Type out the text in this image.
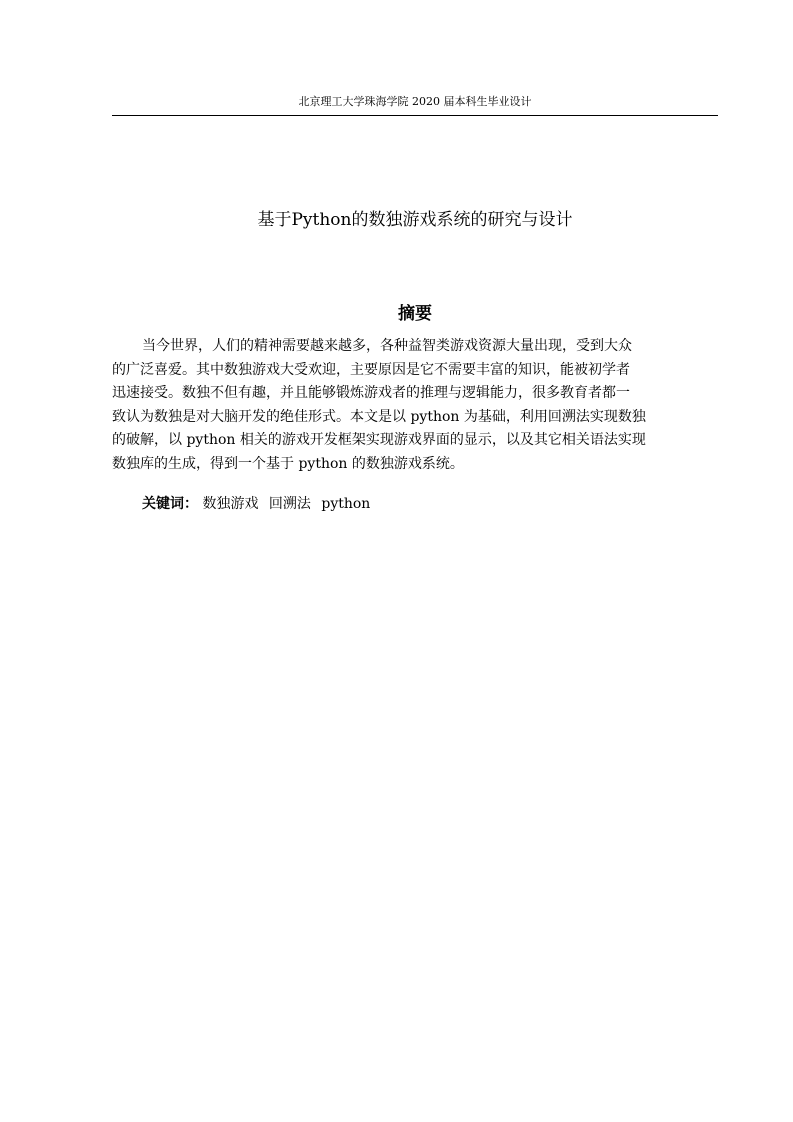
北京理工大学珠海学院 2020 届本科生毕业设计
基于Python的数独游戏系统的研究与设计
摘要
当今世界，人们的精神需要越来越多，各种益智类游戏资源大量出现，受到大众
的广泛喜爱。其中数独游戏大受欢迎，主要原因是它不需要丰富的知识，能被初学者
迅速接受。数独不但有趣，并且能够锻炼游戏者的推理与逻辑能力，很多教育者都一
致认为数独是对大脑开发的绝佳形式。本文是以 python 为基础，利用回溯法实现数独
的破解，以 python 相关的游戏开发框架实现游戏界面的显示，以及其它相关语法实现
数独库的生成，得到一个基于 python 的数独游戏系统。
关键词： 数独游戏 回溯法 python
